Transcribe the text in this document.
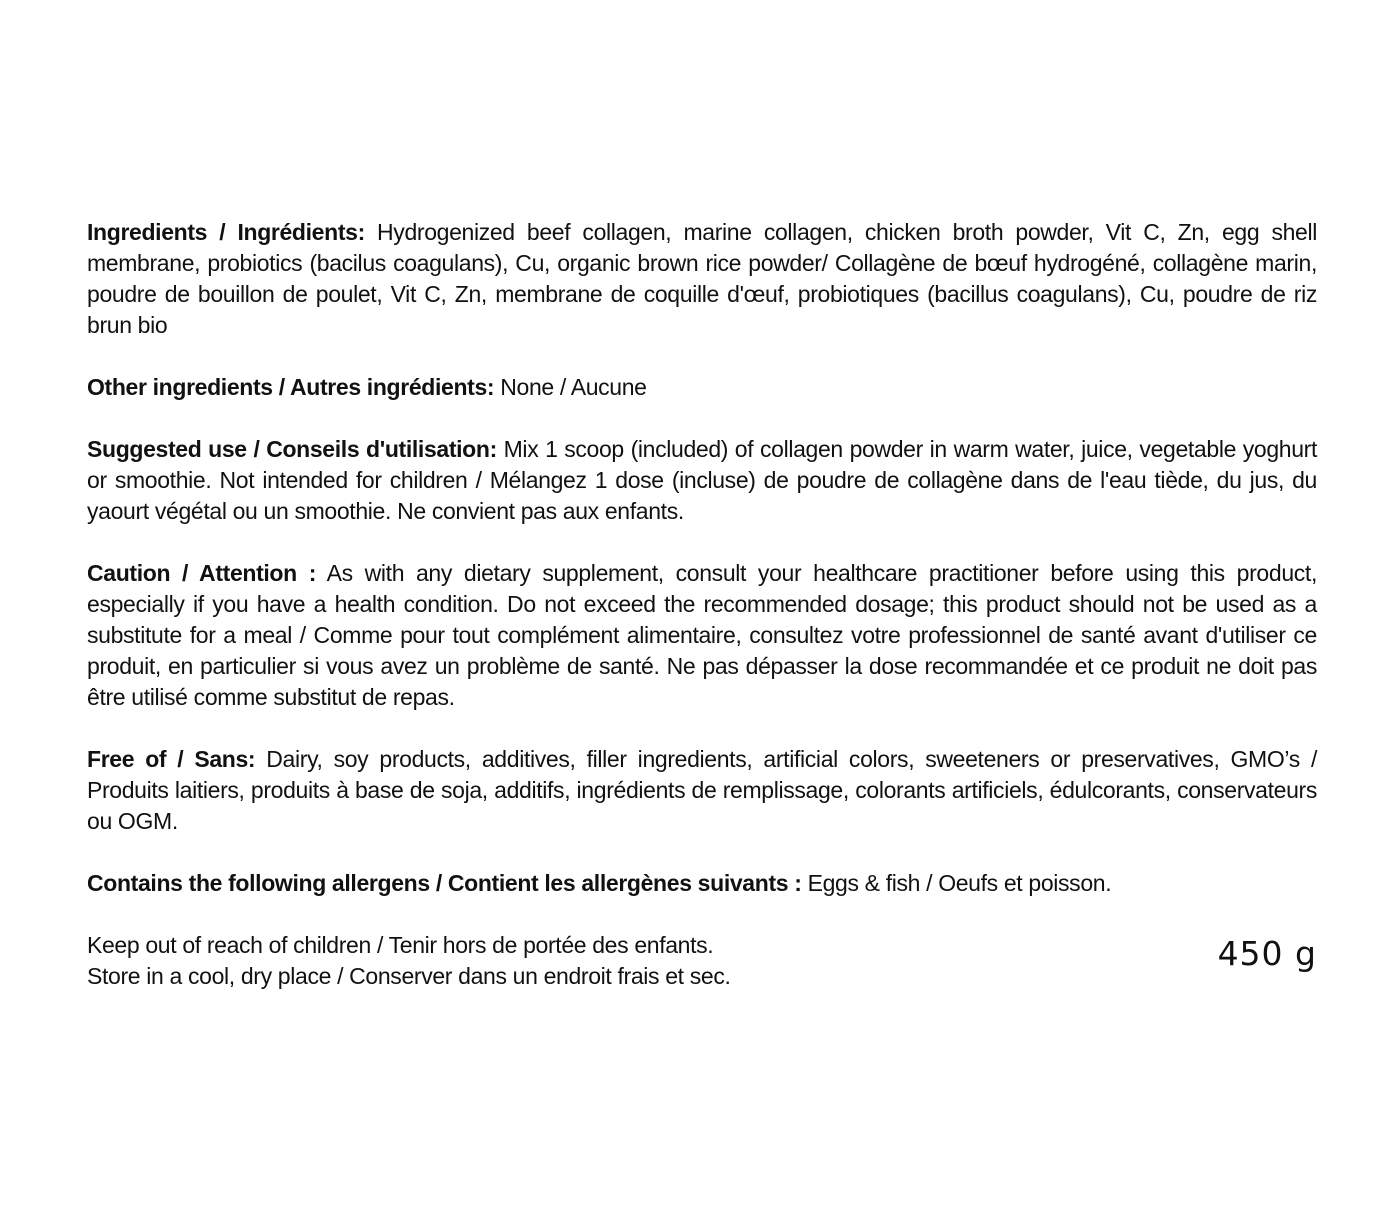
Ingredients / Ingrédients: Hydrogenized beef collagen, marine collagen, chicken broth powder, Vit C, Zn, egg shell membrane, probiotics (bacilus coagulans), Cu, organic brown rice powder/ Collagène de bœuf hydrogéné, collagène marin, poudre de bouillon de poulet, Vit C, Zn, membrane de coquille d'œuf, probiotiques (bacillus coagulans), Cu, poudre de riz brun bio

Other ingredients / Autres ingrédients: None / Aucune

Suggested use / Conseils d'utilisation: Mix 1 scoop (included) of collagen powder in warm water, juice, vegetable yoghurt or smoothie. Not intended for children / Mélangez 1 dose (incluse) de poudre de collagène dans de l'eau tiède, du jus, du yaourt végétal ou un smoothie. Ne convient pas aux enfants.

Caution / Attention : As with any dietary supplement, consult your healthcare practitioner before using this product, especially if you have a health condition. Do not exceed the recommended dosage; this product should not be used as a substitute for a meal / Comme pour tout complément alimentaire, consultez votre professionnel de santé avant d'utiliser ce produit, en particulier si vous avez un problème de santé. Ne pas dépasser la dose recommandée et ce produit ne doit pas être utilisé comme substitut de repas.

Free of / Sans: Dairy, soy products, additives, filler ingredients, artificial colors, sweeteners or preservatives, GMO’s / Produits laitiers, produits à base de soja, additifs, ingrédients de remplissage, colorants artificiels, édulcorants, conservateurs ou OGM.

Contains the following allergens / Contient les allergènes suivants : Eggs & fish / Oeufs et poisson.

Keep out of reach of children / Tenir hors de portée des enfants.
Store in a cool, dry place / Conserver dans un endroit frais et sec.
450 g
